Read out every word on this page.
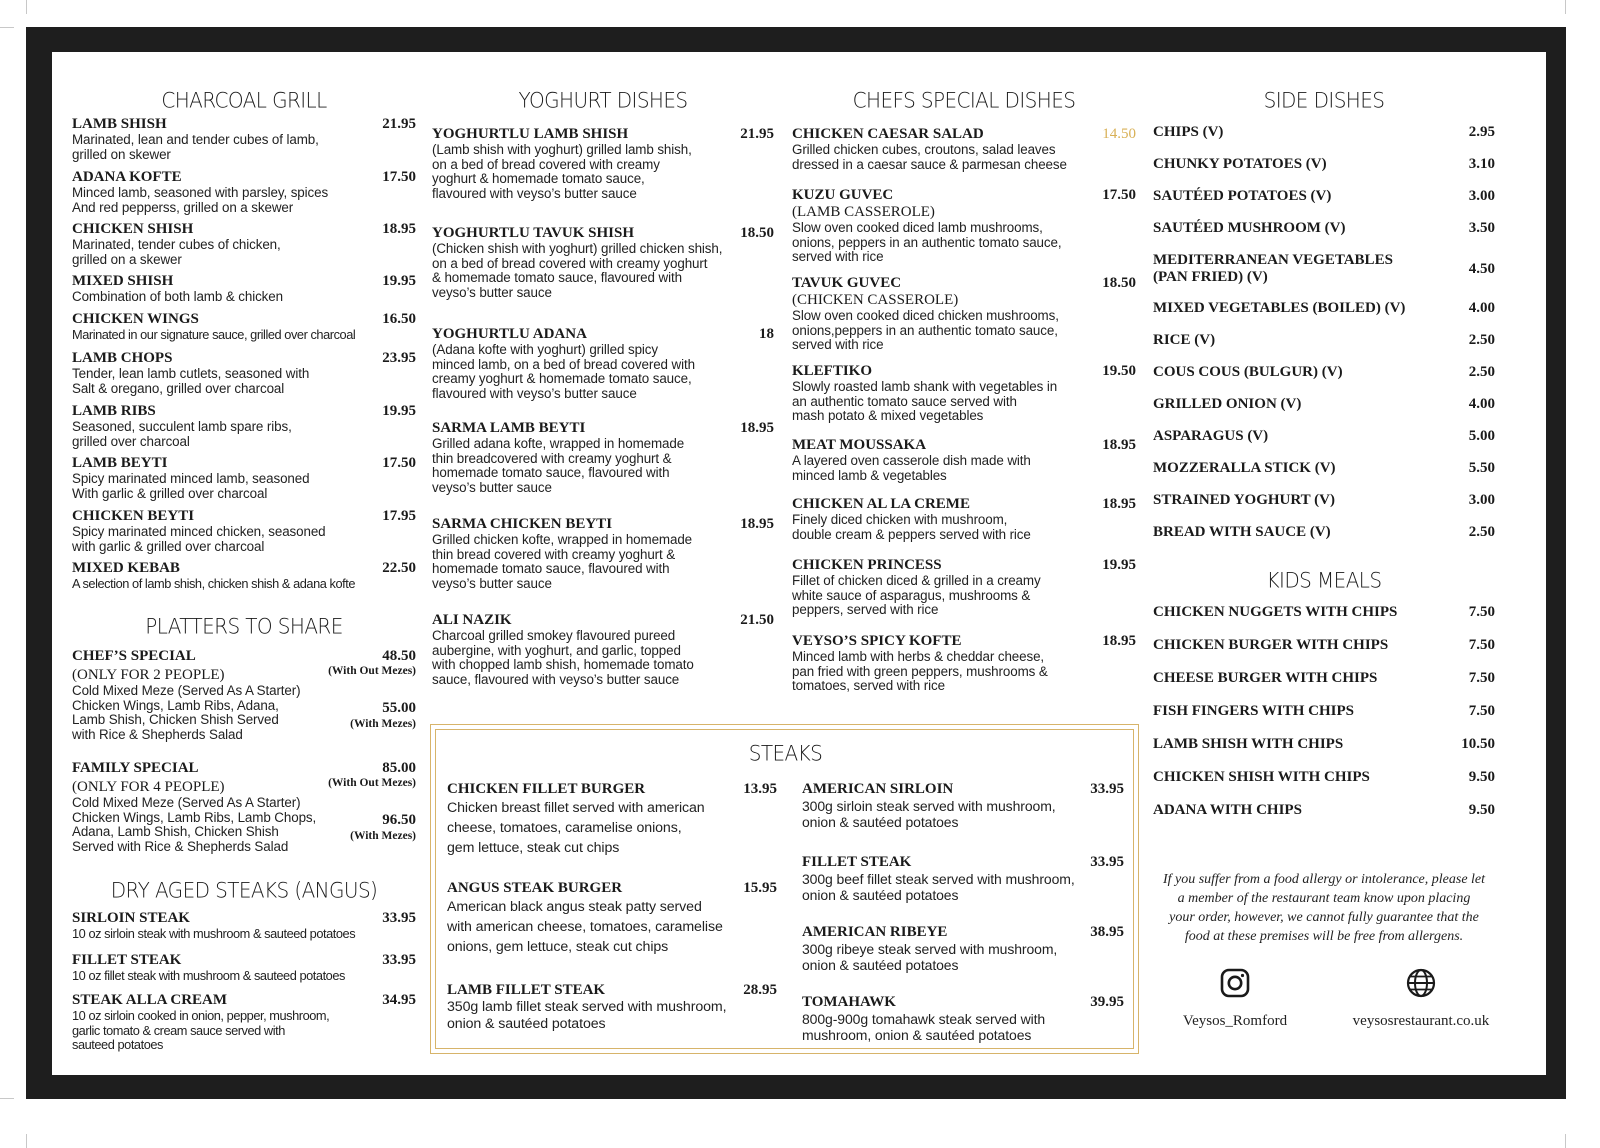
CHARCOAL GRILL
LAMB SHISH	21.95
Marinated, lean and tender cubes of lamb,
grilled on skewer
ADANA KOFTE	17.50
Minced lamb, seasoned with parsley, spices
And red pepperss, grilled on a skewer
CHICKEN SHISH	18.95
Marinated, tender cubes of chicken,
grilled on a skewer
MIXED SHISH	19.95
Combination of both lamb & chicken
CHICKEN WINGS	16.50
Marinated in our signature sauce, grilled over charcoal
LAMB CHOPS	23.95
Tender, lean lamb cutlets, seasoned with
Salt & oregano, grilled over charcoal
LAMB RIBS	19.95
Seasoned, succulent lamb spare ribs,
grilled over charcoal
LAMB BEYTI	17.50
Spicy marinated minced lamb, seasoned
With garlic & grilled over charcoal
CHICKEN BEYTI	17.95
Spicy marinated minced chicken, seasoned
with garlic & grilled over charcoal
MIXED KEBAB	22.50
A selection of lamb shish, chicken shish & adana kofte
PLATTERS TO SHARE
CHEF’S SPECIAL
(ONLY FOR 2 PEOPLE)
Cold Mixed Meze (Served As A Starter)
Chicken Wings, Lamb Ribs, Adana,
Lamb Shish, Chicken Shish Served
with Rice & Shepherds Salad
48.50
(With Out Mezes)
55.00
(With Mezes)
FAMILY SPECIAL
(ONLY FOR 4 PEOPLE)
Cold Mixed Meze (Served As A Starter)
Chicken Wings, Lamb Ribs, Lamb Chops,
Adana, Lamb Shish, Chicken Shish
Served with Rice & Shepherds Salad
85.00
(With Out Mezes)
96.50
(With Mezes)
DRY AGED STEAKS (ANGUS)
SIRLOIN STEAK	33.95
10 oz sirloin steak with mushroom & sauteed potatoes
FILLET STEAK	33.95
10 oz fillet steak with mushroom & sauteed potatoes
STEAK ALLA CREAM	34.95
10 oz sirloin cooked in onion, pepper, mushroom,
garlic tomato & cream sauce served with
sauteed potatoes
YOGHURT DISHES
YOGHURTLU LAMB SHISH	21.95
(Lamb shish with yoghurt) grilled lamb shish,
on a bed of bread covered with creamy
yoghurt & homemade tomato sauce,
flavoured with veyso’s butter sauce
YOGHURTLU TAVUK SHISH	18.50
(Chicken shish with yoghurt) grilled chicken shish,
on a bed of bread covered with creamy yoghurt
& homemade tomato sauce, flavoured with
veyso’s butter sauce
YOGHURTLU ADANA	18
(Adana kofte with yoghurt) grilled spicy
minced lamb, on a bed of bread covered with
creamy yoghurt & homemade tomato sauce,
flavoured with veyso’s butter sauce
SARMA LAMB BEYTI	18.95
Grilled adana kofte, wrapped in homemade
thin breadcovered with creamy yoghurt &
homemade tomato sauce, flavoured with
veyso’s butter sauce
SARMA CHICKEN BEYTI	18.95
Grilled chicken kofte, wrapped in homemade
thin bread covered with creamy yoghurt &
homemade tomato sauce, flavoured with
veyso’s butter sauce
ALI NAZIK	21.50
Charcoal grilled smokey flavoured pureed
aubergine, with yoghurt, and garlic, topped
with chopped lamb shish, homemade tomato
sauce, flavoured with veyso’s butter sauce
CHEFS SPECIAL DISHES
CHICKEN CAESAR SALAD	14.50
Grilled chicken cubes, croutons, salad leaves
dressed in a caesar sauce & parmesan cheese
KUZU GUVEC
(LAMB CASSEROLE)
17.50
Slow oven cooked diced lamb mushrooms,
onions, peppers in an authentic tomato sauce,
served with rice
TAVUK GUVEC
(CHICKEN CASSEROLE)
18.50
Slow oven cooked diced chicken mushrooms,
onions,peppers in an authentic tomato sauce,
served with rice
KLEFTIKO	19.50
Slowly roasted lamb shank with vegetables in
an authentic tomato sauce served with
mash potato & mixed vegetables
MEAT MOUSSAKA	18.95
A layered oven casserole dish made with
minced lamb & vegetables
CHICKEN AL LA CREME	18.95
Finely diced chicken with mushroom,
double cream & peppers served with rice
CHICKEN PRINCESS	19.95
Fillet of chicken diced & grilled in a creamy
white sauce of asparagus, mushrooms &
peppers, served with rice
VEYSO’S SPICY KOFTE	18.95
Minced lamb with herbs & cheddar cheese,
pan fried with green peppers, mushrooms &
tomatoes, served with rice
STEAKS
CHICKEN FILLET BURGER	13.95
Chicken breast fillet served with american
cheese, tomatoes, caramelise onions,
gem lettuce, steak cut chips
ANGUS STEAK BURGER	15.95
American black angus steak patty served
with american cheese, tomatoes, caramelise
onions, gem lettuce, steak cut chips
LAMB FILLET STEAK	28.95
350g lamb fillet steak served with mushroom,
onion & sautéed potatoes
AMERICAN SIRLOIN	33.95
300g sirloin steak served with mushroom,
onion & sautéed potatoes
FILLET STEAK	33.95
300g beef fillet steak served with mushroom,
onion & sautéed potatoes
AMERICAN RIBEYE	38.95
300g ribeye steak served with mushroom,
onion & sautéed potatoes
TOMAHAWK	39.95
800g-900g tomahawk steak served with
mushroom, onion & sautéed potatoes
SIDE DISHES
CHIPS (V)	2.95
CHUNKY POTATOES (V)	3.10
SAUTÉED POTATOES (V)	3.00
SAUTÉED MUSHROOM (V)	3.50
MEDITERRANEAN VEGETABLES
(PAN FRIED) (V)	4.50
MIXED VEGETABLES (BOILED) (V)	4.00
RICE (V)	2.50
COUS COUS (BULGUR) (V)	2.50
GRILLED ONION (V)	4.00
ASPARAGUS (V)	5.00
MOZZERALLA STICK (V)	5.50
STRAINED YOGHURT (V)	3.00
BREAD WITH SAUCE (V)	2.50
KIDS MEALS
CHICKEN NUGGETS WITH CHIPS	7.50
CHICKEN BURGER WITH CHIPS	7.50
CHEESE BURGER WITH CHIPS	7.50
FISH FINGERS WITH CHIPS	7.50
LAMB SHISH WITH CHIPS	10.50
CHICKEN SHISH WITH CHIPS	9.50
ADANA WITH CHIPS	9.50
If you suffer from a food allergy or intolerance, please let
a member of the restaurant team know upon placing
your order, however, we cannot fully guarantee that the
food at these premises will be free from allergens.
Veysos_Romford	veysosrestaurant.co.uk
